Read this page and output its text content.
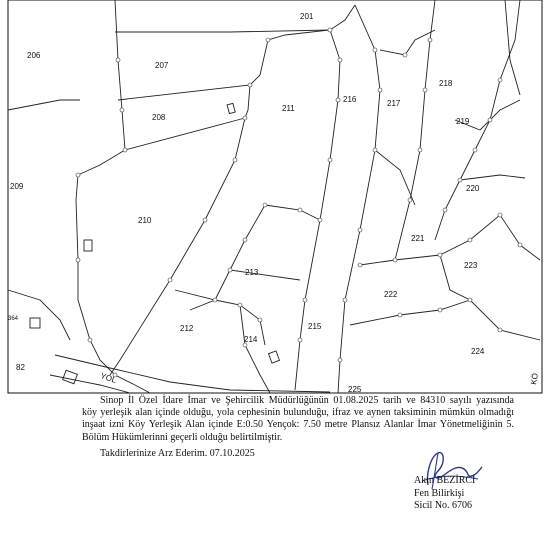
201
206
207
208
209
210
211
212
213
214
215
216	217
218
219
220
221
222
223
224
225
82
364
YOL	KÖ

Sinop İl Özel İdare İmar ve Şehircilik Müdürlüğünün 01.08.2025 tarih ve 84310 sayılı yazısında
köy yerleşik alan içinde olduğu, yola cephesinin bulunduğu, ifraz ve aynen taksiminin mümkün olmadığı
inşaat izni Köy Yerleşik Alan içinde E:0.50 Yençok: 7.50 metre Plansız Alanlar İmar Yönetmeliğinin 5.
Bölüm Hükümlerinni geçerli olduğu belirtilmiştir.

Takdirlerinize Arz Ederim. 07.10.2025

Akın BEZİRCİ
Fen Bilirkişi
Sicil No. 6706
